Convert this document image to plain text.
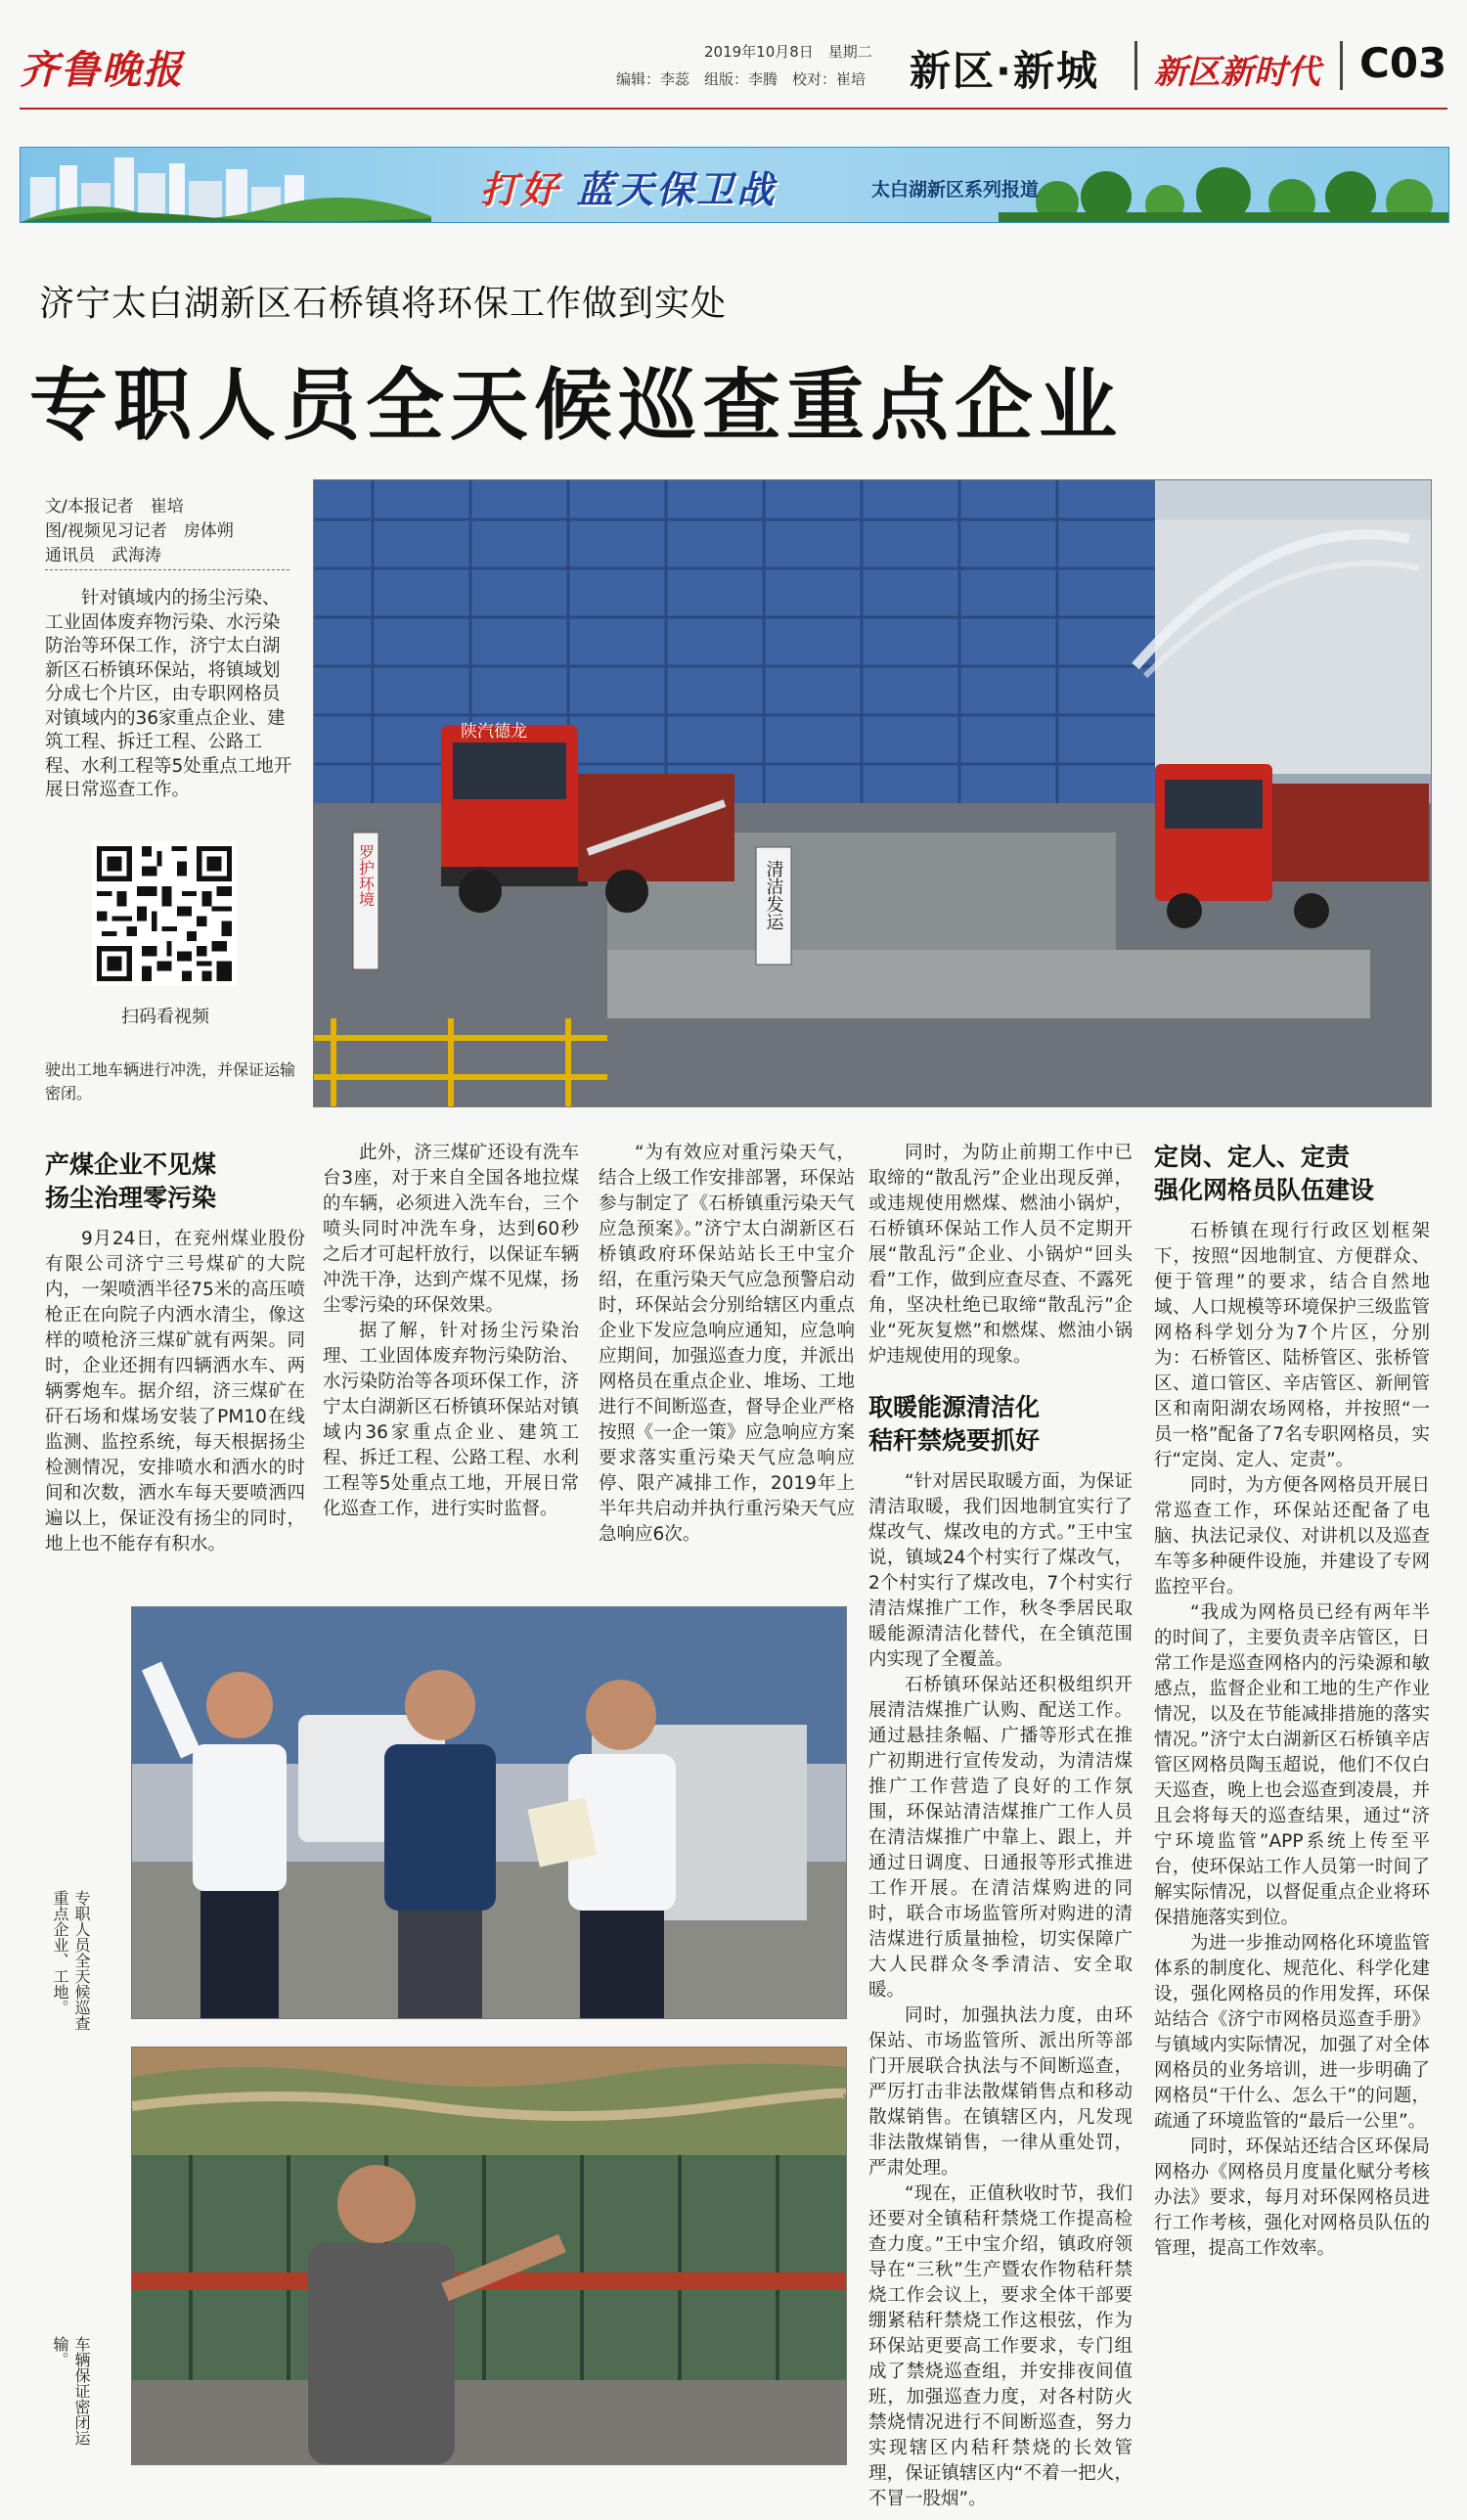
齐鲁晚报	2019年10月8日　星期二
编辑：李蕊　组版：李腾　校对：崔培 新区·新城 新区新时代 C03
打好 蓝天保卫战	太白湖新区系列报道
济宁太白湖新区石桥镇将环保工作做到实处
专职人员全天候巡查重点企业
文/本报记者　崔培
图/视频见习记者　房体朔
通讯员　武海涛
针对镇域内的扬尘污染、工业固体废弃物污染、水污染防治等环保工作，济宁太白湖新区石桥镇环保站，将镇域划分成七个片区，由专职网格员对镇域内的36家重点企业、建筑工程、拆迁工程、公路工程、水利工程等5处重点工地开展日常巡查工作。
扫码看视频
驶出工地车辆进行冲洗，并保证运输密闭。
陕汽德龙
罗护环境	清洁发运
专职人员全天候巡查重点企业、工地。
车辆保证密闭运输。
产煤企业不见煤
扬尘治理零污染

9月24日，在兖州煤业股份有限公司济宁三号煤矿的大院内，一架喷洒半径75米的高压喷枪正在向院子内洒水清尘，像这样的喷枪济三煤矿就有两架。同时，企业还拥有四辆洒水车、两辆雾炮车。据介绍，济三煤矿在矸石场和煤场安装了PM10在线监测、监控系统，每天根据扬尘检测情况，安排喷水和洒水的时间和次数，洒水车每天要喷洒四遍以上，保证没有扬尘的同时，地上也不能存有积水。

此外，济三煤矿还设有洗车台3座，对于来自全国各地拉煤的车辆，必须进入洗车台，三个喷头同时冲洗车身，达到60秒之后才可起杆放行，以保证车辆冲洗干净，达到产煤不见煤，扬尘零污染的环保效果。

据了解，针对扬尘污染治理、工业固体废弃物污染防治、水污染防治等各项环保工作，济宁太白湖新区石桥镇环保站对镇域内36家重点企业、建筑工程、拆迁工程、公路工程、水利工程等5处重点工地，开展日常化巡查工作，进行实时监督。

“为有效应对重污染天气，结合上级工作安排部署，环保站参与制定了《石桥镇重污染天气应急预案》。”济宁太白湖新区石桥镇政府环保站站长王中宝介绍，在重污染天气应急预警启动时，环保站会分别给辖区内重点企业下发应急响应通知，应急响应期间，加强巡查力度，并派出网格员在重点企业、堆场、工地进行不间断巡查，督导企业严格按照《一企一策》应急响应方案要求落实重污染天气应急响应停、限产减排工作，2019年上半年共启动并执行重污染天气应急响应6次。

同时，为防止前期工作中已取缔的“散乱污”企业出现反弹，或违规使用燃煤、燃油小锅炉，石桥镇环保站工作人员不定期开展“散乱污”企业、小锅炉“回头看”工作，做到应查尽查、不露死角，坚决杜绝已取缔“散乱污”企业“死灰复燃”和燃煤、燃油小锅炉违规使用的现象。

取暖能源清洁化
秸秆禁烧要抓好

“针对居民取暖方面，为保证清洁取暖，我们因地制宜实行了煤改气、煤改电的方式。”王中宝说，镇域24个村实行了煤改气，2个村实行了煤改电，7个村实行清洁煤推广工作，秋冬季居民取暖能源清洁化替代，在全镇范围内实现了全覆盖。

石桥镇环保站还积极组织开展清洁煤推广认购、配送工作。通过悬挂条幅、广播等形式在推广初期进行宣传发动，为清洁煤推广工作营造了良好的工作氛围，环保站清洁煤推广工作人员在清洁煤推广中靠上、跟上，并通过日调度、日通报等形式推进工作开展。在清洁煤购进的同时，联合市场监管所对购进的清洁煤进行质量抽检，切实保障广大人民群众冬季清洁、安全取暖。

同时，加强执法力度，由环保站、市场监管所、派出所等部门开展联合执法与不间断巡查，严厉打击非法散煤销售点和移动散煤销售。在镇辖区内，凡发现非法散煤销售，一律从重处罚，严肃处理。

“现在，正值秋收时节，我们还要对全镇秸秆禁烧工作提高检查力度。”王中宝介绍，镇政府领导在“三秋”生产暨农作物秸秆禁烧工作会议上，要求全体干部要绷紧秸秆禁烧工作这根弦，作为环保站更要高工作要求，专门组成了禁烧巡查组，并安排夜间值班，加强巡查力度，对各村防火禁烧情况进行不间断巡查，努力实现辖区内秸秆禁烧的长效管理，保证镇辖区内“不着一把火，不冒一股烟”。

定岗、定人、定责
强化网格员队伍建设

石桥镇在现行行政区划框架下，按照“因地制宜、方便群众、便于管理”的要求，结合自然地域、人口规模等环境保护三级监管网格科学划分为7个片区，分别为：石桥管区、陆桥管区、张桥管区、道口管区、辛店管区、新闸管区和南阳湖农场网格，并按照“一员一格”配备了7名专职网格员，实行“定岗、定人、定责”。

同时，为方便各网格员开展日常巡查工作，环保站还配备了电脑、执法记录仪、对讲机以及巡查车等多种硬件设施，并建设了专网监控平台。

“我成为网格员已经有两年半的时间了，主要负责辛店管区，日常工作是巡查网格内的污染源和敏感点，监督企业和工地的生产作业情况，以及在节能减排措施的落实情况。”济宁太白湖新区石桥镇辛店管区网格员陶玉超说，他们不仅白天巡查，晚上也会巡查到凌晨，并且会将每天的巡查结果，通过“济宁环境监管”APP系统上传至平台，使环保站工作人员第一时间了解实际情况，以督促重点企业将环保措施落实到位。

为进一步推动网格化环境监管体系的制度化、规范化、科学化建设，强化网格员的作用发挥，环保站结合《济宁市网格员巡查手册》与镇域内实际情况，加强了对全体网格员的业务培训，进一步明确了网格员“干什么、怎么干”的问题，疏通了环境监管的“最后一公里”。

同时，环保站还结合区环保局网格办《网格员月度量化赋分考核办法》要求，每月对环保网格员进行工作考核，强化对网格员队伍的管理，提高工作效率。
